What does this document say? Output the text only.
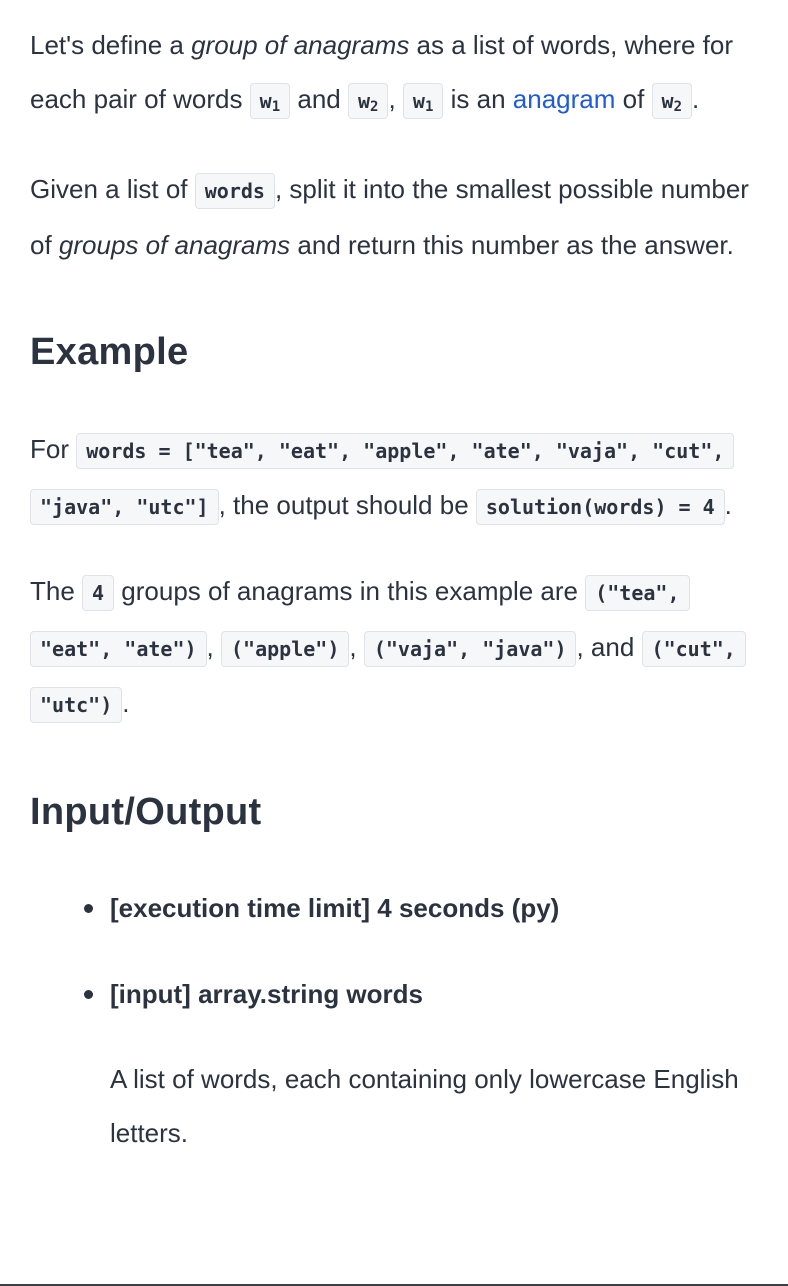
Let's define a group of anagrams as a list of words, where for each pair of words $w_1$ and $w_2$ , $w_1$ is an anagram of $w_2$ .

Given a list of words , split it into the smallest possible number of groups of anagrams and return this number as the answer.

Example

For words = ["tea", "eat", "apple", "ate", "vaja", "cut", "java", "utc"] , the output should be solution(words) = 4 .

The 4 groups of anagrams in this example are ("tea", "eat", "ate") , ("apple") , ("vaja", "java") , and ("cut", "utc") .

Input/Output
[execution time limit] 4 seconds (py)
[input] array.string words

A list of words, each containing only lowercase English letters.
